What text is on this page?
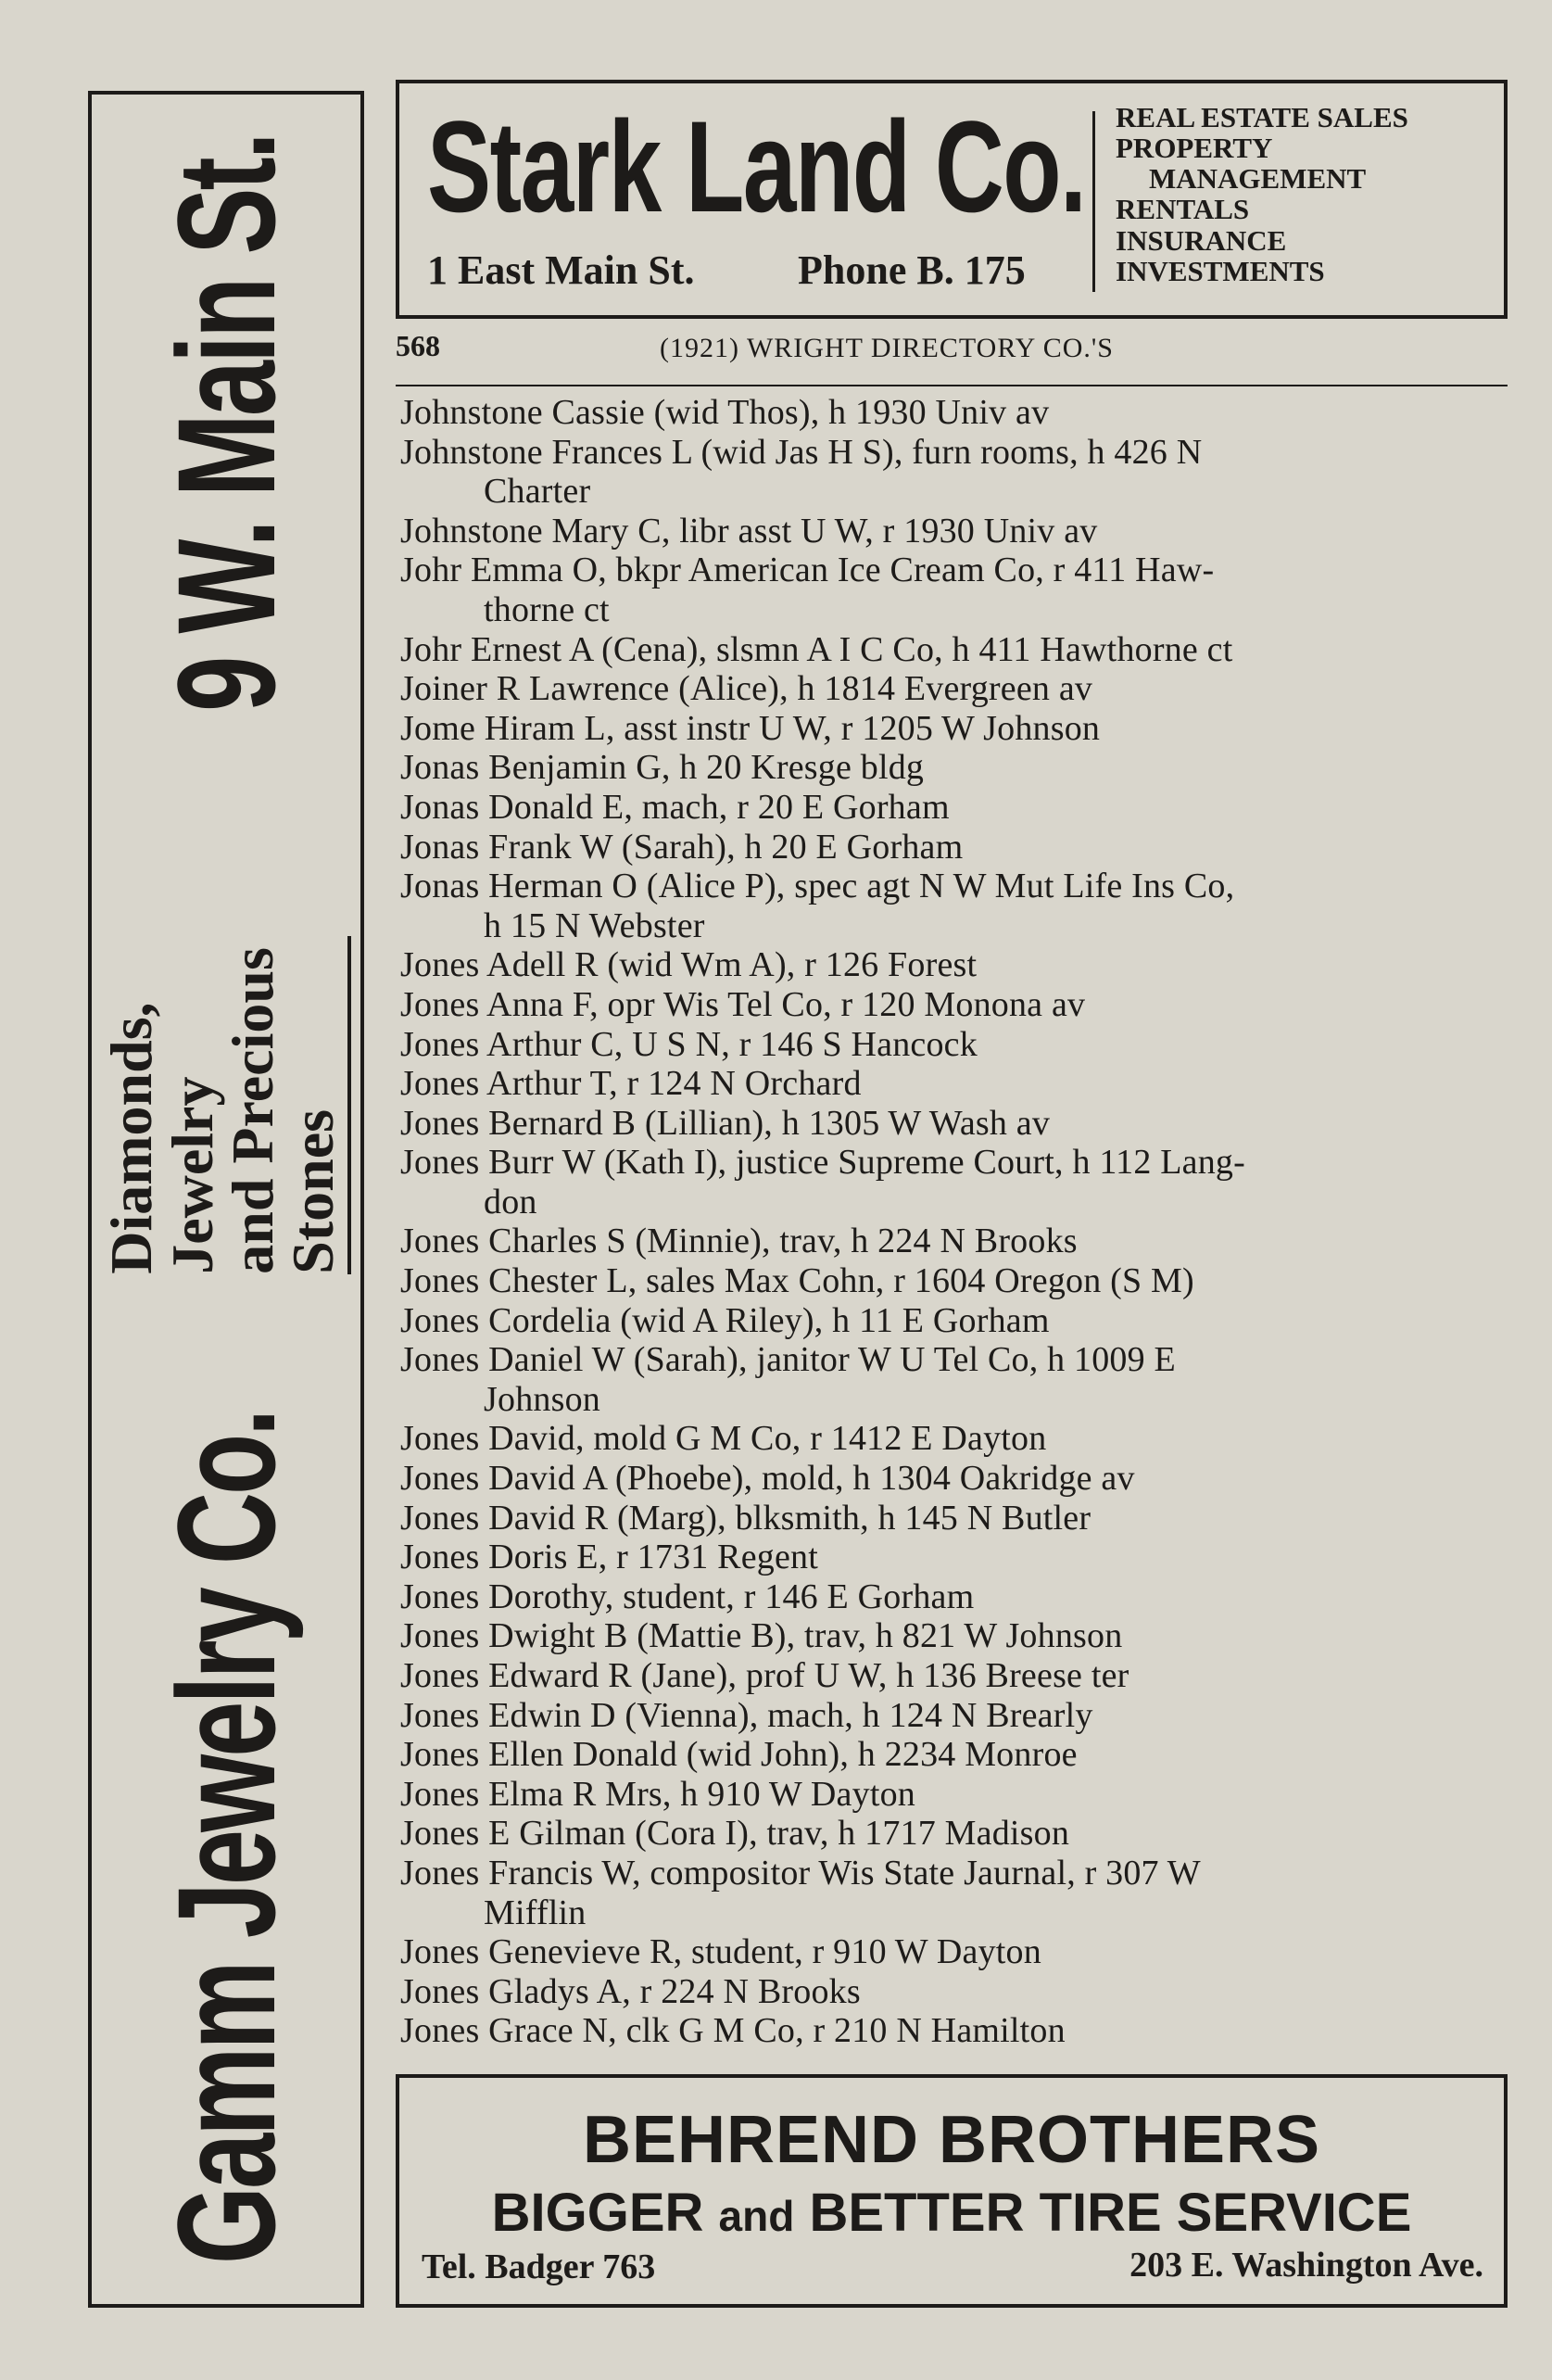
Gamm Jewelry Co.
Diamonds, Jewelry
and Precious Stones
9 W. Main St. Stark Land Co.
1 East Main St.	Phone B. 175
REAL ESTATE SALES
PROPERTY
MANAGEMENT
RENTALS
INSURANCE
INVESTMENTS
568	(1921) WRIGHT DIRECTORY CO.'S
Johnstone Cassie (wid Thos), h 1930 Univ av
Johnstone Frances L (wid Jas H S), furn rooms, h 426 N
Charter
Johnstone Mary C, libr asst U W, r 1930 Univ av
Johr Emma O, bkpr American Ice Cream Co, r 411 Haw-
thorne ct
Johr Ernest A (Cena), slsmn A I C Co, h 411 Hawthorne ct
Joiner R Lawrence (Alice), h 1814 Evergreen av
Jome Hiram L, asst instr U W, r 1205 W Johnson
Jonas Benjamin G, h 20 Kresge bldg
Jonas Donald E, mach, r 20 E Gorham
Jonas Frank W (Sarah), h 20 E Gorham
Jonas Herman O (Alice P), spec agt N W Mut Life Ins Co,
h 15 N Webster
Jones Adell R (wid Wm A), r 126 Forest
Jones Anna F, opr Wis Tel Co, r 120 Monona av
Jones Arthur C, U S N, r 146 S Hancock
Jones Arthur T, r 124 N Orchard
Jones Bernard B (Lillian), h 1305 W Wash av
Jones Burr W (Kath I), justice Supreme Court, h 112 Lang-
don
Jones Charles S (Minnie), trav, h 224 N Brooks
Jones Chester L, sales Max Cohn, r 1604 Oregon (S M)
Jones Cordelia (wid A Riley), h 11 E Gorham
Jones Daniel W (Sarah), janitor W U Tel Co, h 1009 E
Johnson
Jones David, mold G M Co, r 1412 E Dayton
Jones David A (Phoebe), mold, h 1304 Oakridge av
Jones David R (Marg), blksmith, h 145 N Butler
Jones Doris E, r 1731 Regent
Jones Dorothy, student, r 146 E Gorham
Jones Dwight B (Mattie B), trav, h 821 W Johnson
Jones Edward R (Jane), prof U W, h 136 Breese ter
Jones Edwin D (Vienna), mach, h 124 N Brearly
Jones Ellen Donald (wid John), h 2234 Monroe
Jones Elma R Mrs, h 910 W Dayton
Jones E Gilman (Cora I), trav, h 1717 Madison
Jones Francis W, compositor Wis State Jaurnal, r 307 W
Mifflin
Jones Genevieve R, student, r 910 W Dayton
Jones Gladys A, r 224 N Brooks
Jones Grace N, clk G M Co, r 210 N Hamilton
BEHREND BROTHERS
BIGGER and BETTER TIRE SERVICE
Tel. Badger 763	203 E. Washington Ave.
